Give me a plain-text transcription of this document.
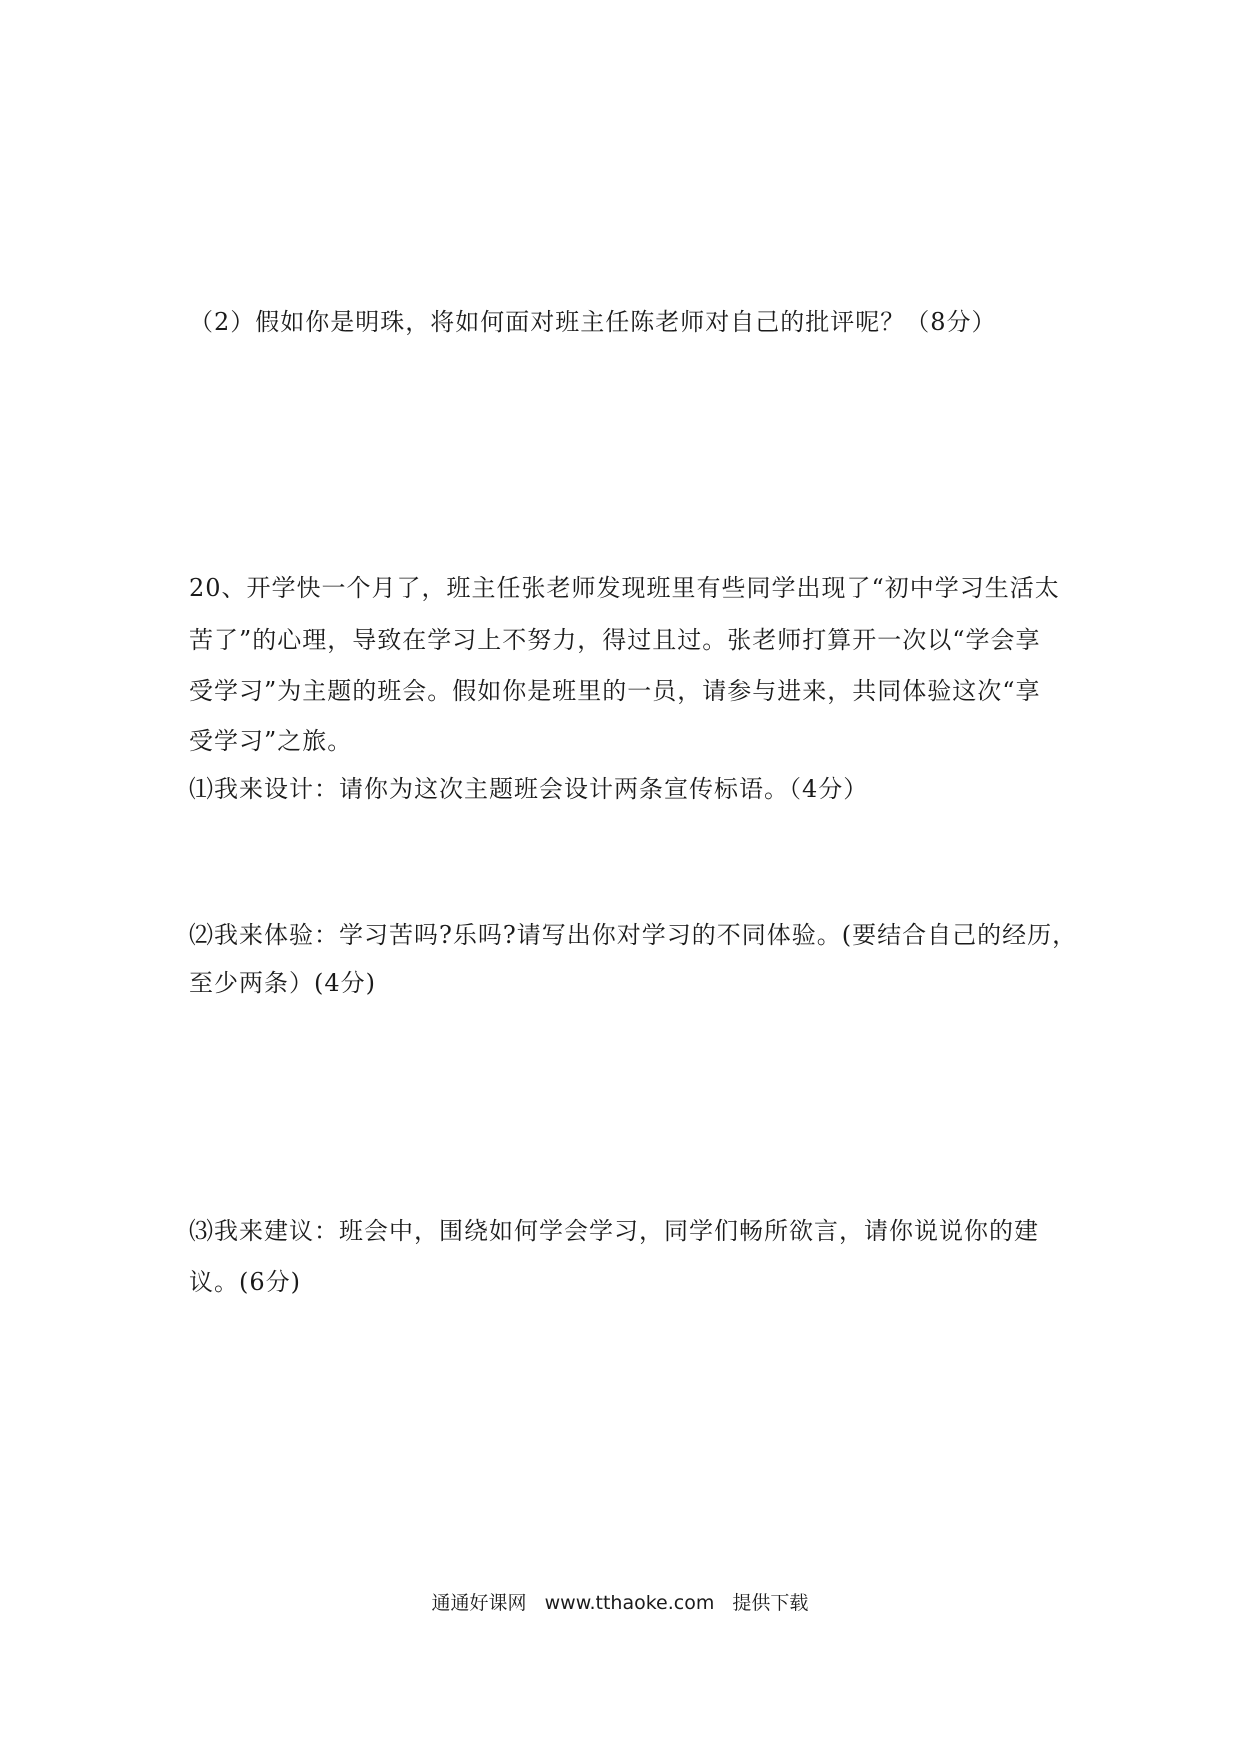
（2）假如你是明珠，将如何面对班主任陈老师对自己的批评呢？（8分）
20、开学快一个月了，班主任张老师发现班里有些同学出现了“初中学习生活太
苦了”的心理，导致在学习上不努力，得过且过。张老师打算开一次以“学会享
受学习”为主题的班会。假如你是班里的一员，请参与进来，共同体验这次“享
受学习”之旅。
⑴我来设计：请你为这次主题班会设计两条宣传标语。（4分）
⑵我来体验：学习苦吗?乐吗?请写出你对学习的不同体验。(要结合自己的经历，
至少两条）(4分)
⑶我来建议：班会中，围绕如何学会学习，同学们畅所欲言，请你说说你的建
议。(6分)
通通好课网 www.tthaoke.com 提供下载
